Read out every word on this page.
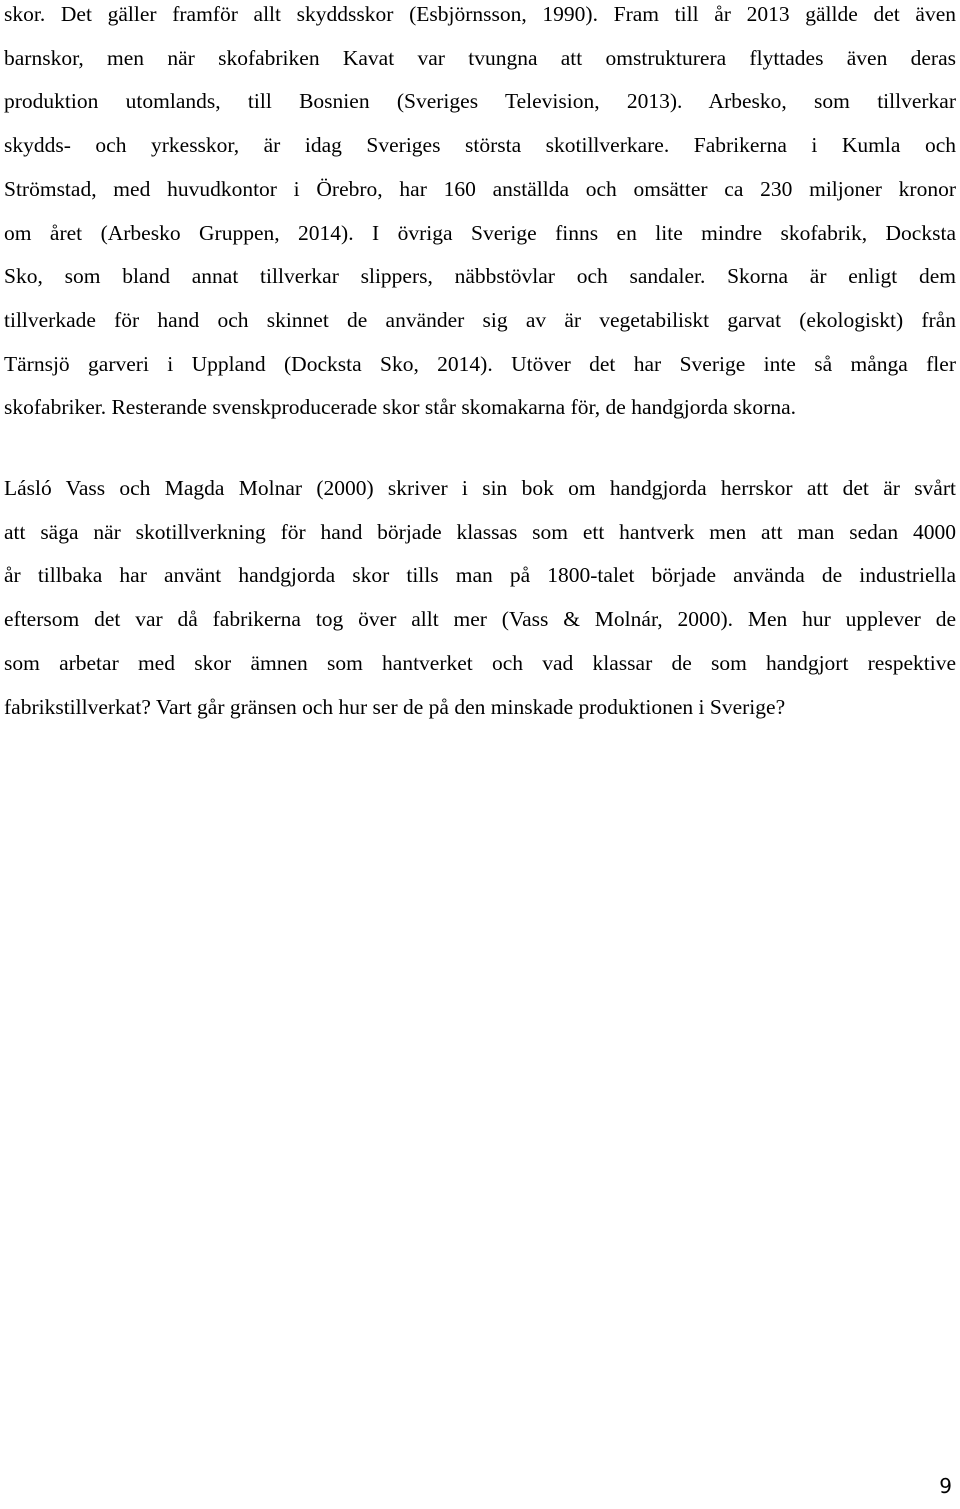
skor. Det gäller framför allt skyddsskor (Esbjörnsson, 1990). Fram till år 2013 gällde det även
barnskor, men när skofabriken Kavat var tvungna att omstrukturera flyttades även deras
produktion utomlands, till Bosnien (Sveriges Television, 2013). Arbesko, som tillverkar
skydds- och yrkesskor, är idag Sveriges största skotillverkare. Fabrikerna i Kumla och
Strömstad, med huvudkontor i Örebro, har 160 anställda och omsätter ca 230 miljoner kronor
om året (Arbesko Gruppen, 2014). I övriga Sverige finns en lite mindre skofabrik, Docksta
Sko, som bland annat tillverkar slippers, näbbstövlar och sandaler. Skorna är enligt dem
tillverkade för hand och skinnet de använder sig av är vegetabiliskt garvat (ekologiskt) från
Tärnsjö garveri i Uppland (Docksta Sko, 2014). Utöver det har Sverige inte så många fler
skofabriker. Resterande svenskproducerade skor står skomakarna för, de handgjorda skorna.
Lásló Vass och Magda Molnar (2000) skriver i sin bok om handgjorda herrskor att det är svårt
att säga när skotillverkning för hand började klassas som ett hantverk men att man sedan 4000
år tillbaka har använt handgjorda skor tills man på 1800-talet började använda de industriella
eftersom det var då fabrikerna tog över allt mer (Vass & Molnár, 2000). Men hur upplever de
som arbetar med skor ämnen som hantverket och vad klassar de som handgjort respektive
fabrikstillverkat? Vart går gränsen och hur ser de på den minskade produktionen i Sverige?
9
